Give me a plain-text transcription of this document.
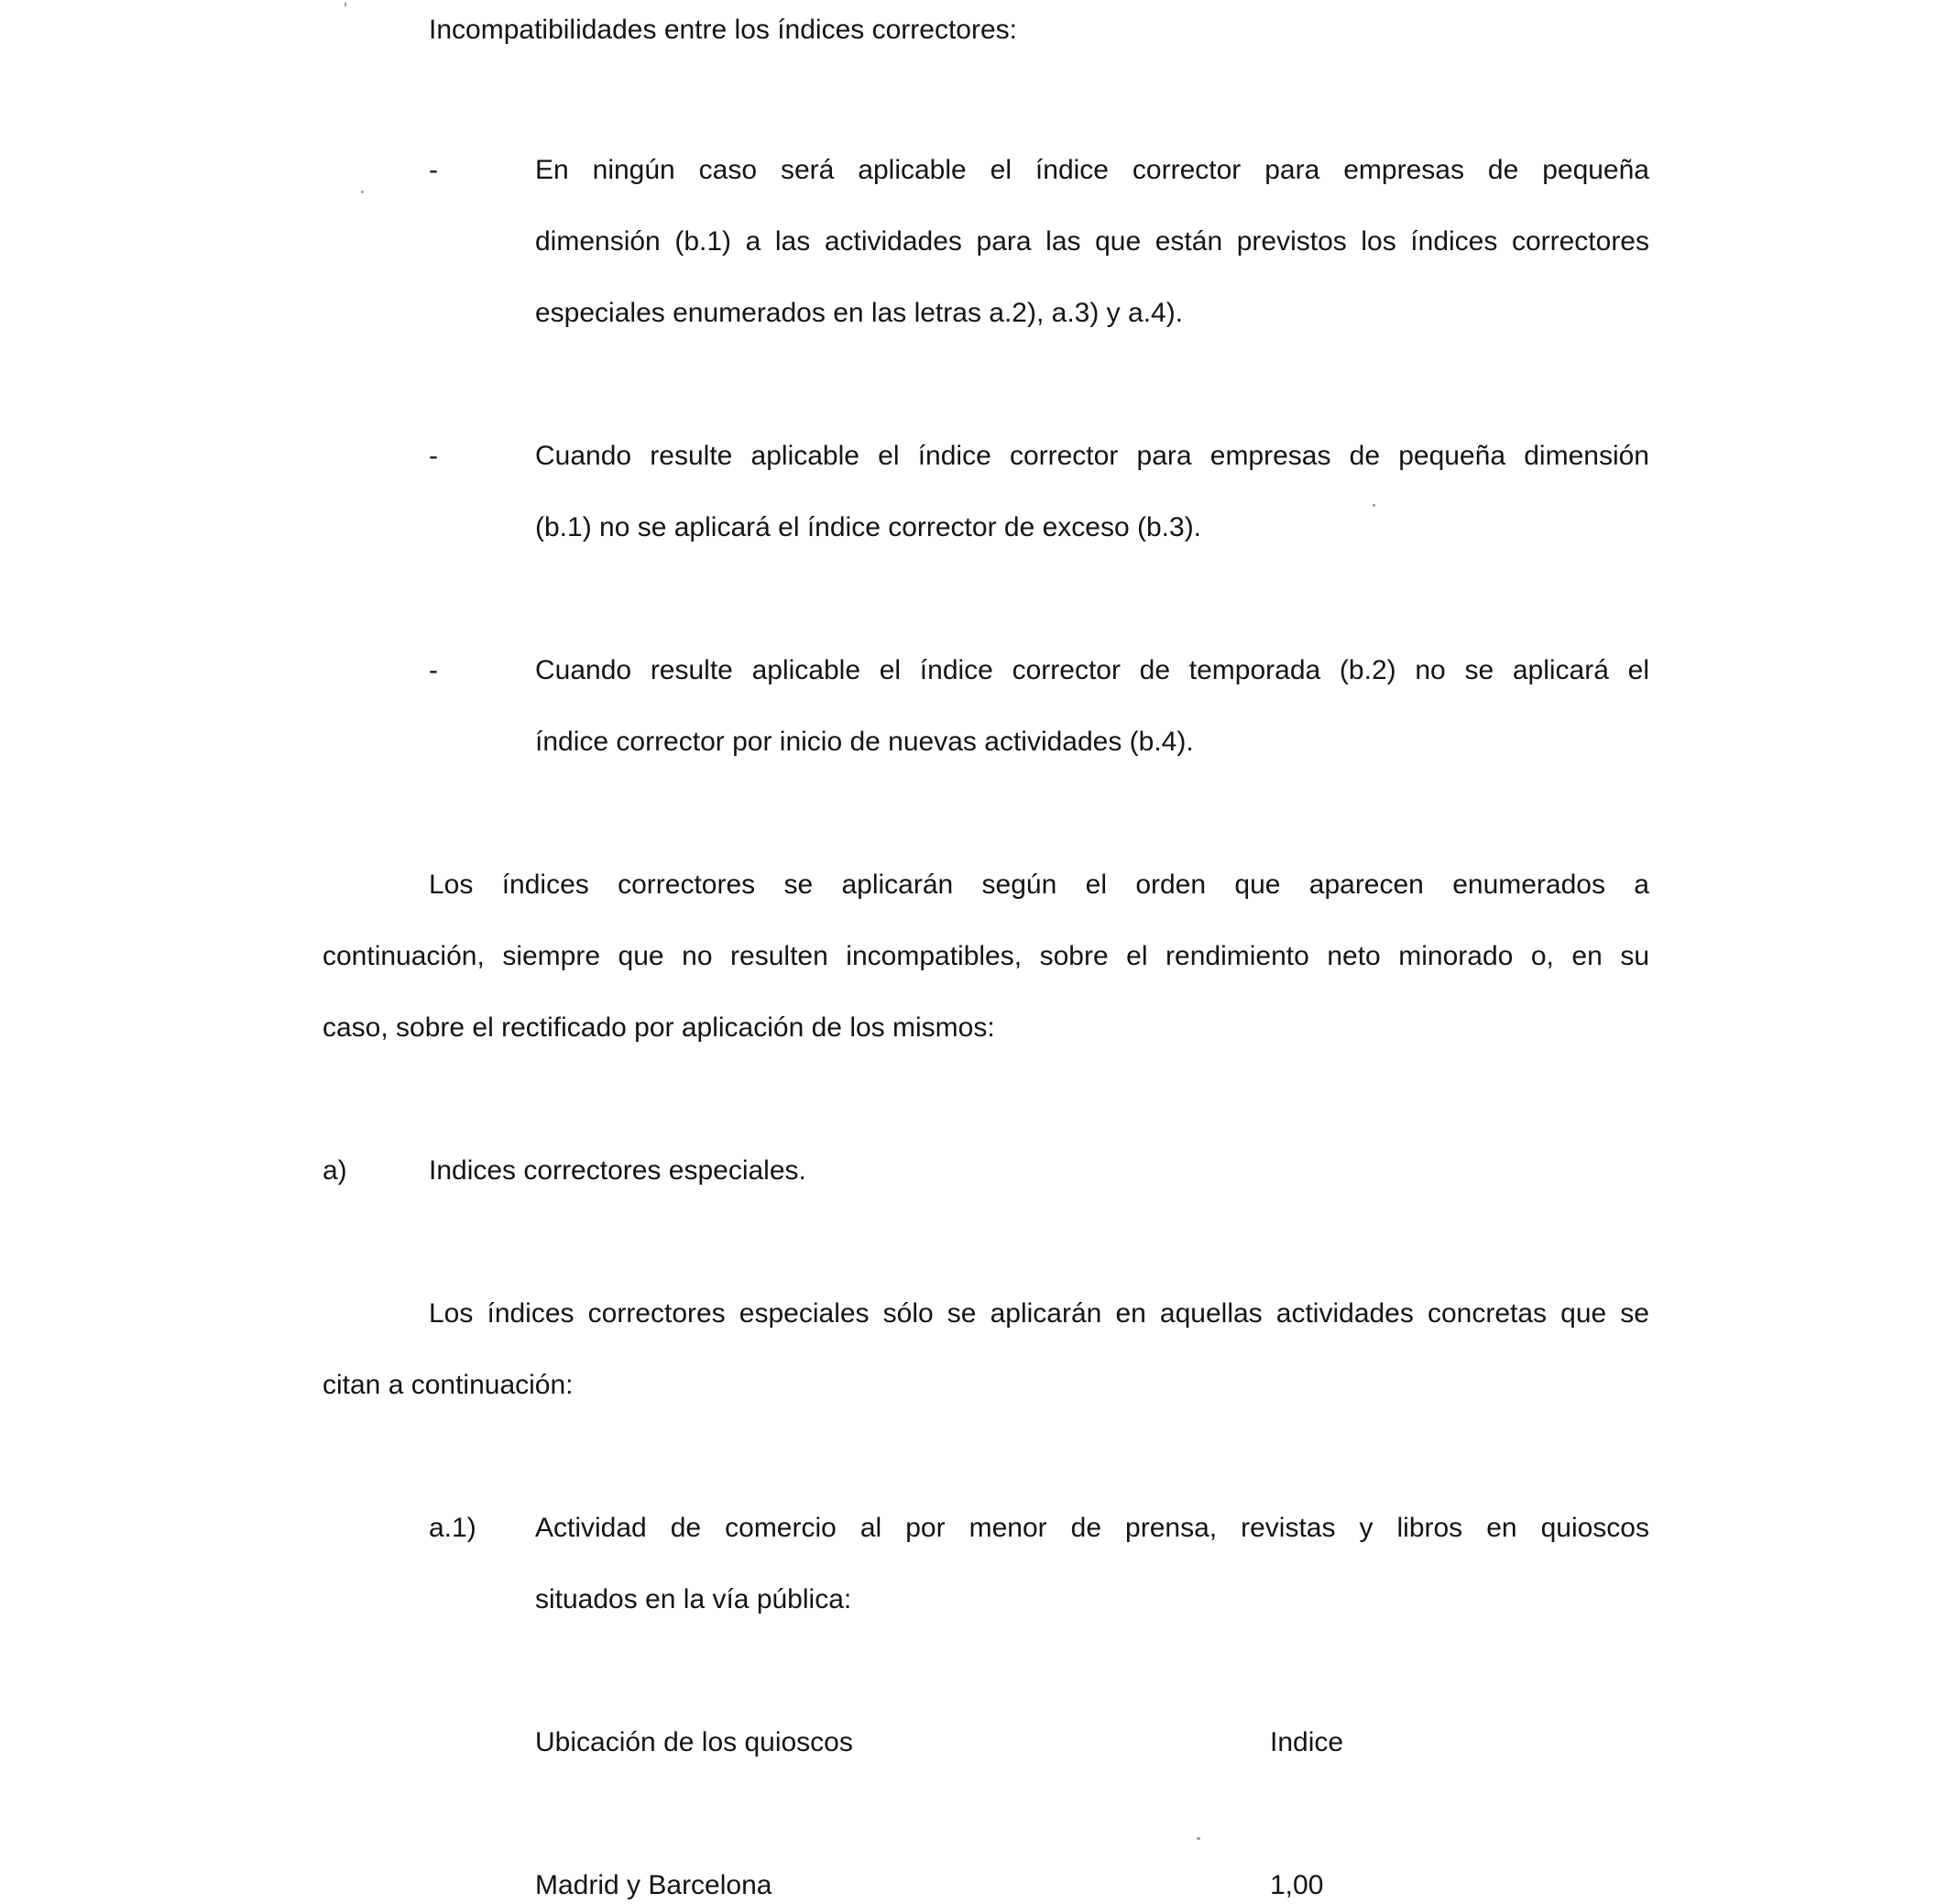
Incompatibilidades entre los índices correctores:
-	En ningún caso será aplicable el índice corrector para empresas de pequeña
dimensión (b.1) a las actividades para las que están previstos los índices correctores
especiales enumerados en las letras a.2), a.3) y a.4).
-	Cuando resulte aplicable el índice corrector para empresas de pequeña dimensión
(b.1) no se aplicará el índice corrector de exceso (b.3).
-	Cuando resulte aplicable el índice corrector de temporada (b.2) no se aplicará el
índice corrector por inicio de nuevas actividades (b.4).
Los índices correctores se aplicarán según el orden que aparecen enumerados a
continuación, siempre que no resulten incompatibles, sobre el rendimiento neto minorado o, en su
caso, sobre el rectificado por aplicación de los mismos:
a)	Indices correctores especiales.
Los índices correctores especiales sólo se aplicarán en aquellas actividades concretas que se
citan a continuación:
a.1) Actividad de comercio al por menor de prensa, revistas y libros en quioscos
situados en la vía pública:
Ubicación de los quioscos	Indice
Madrid y Barcelona	1,00
